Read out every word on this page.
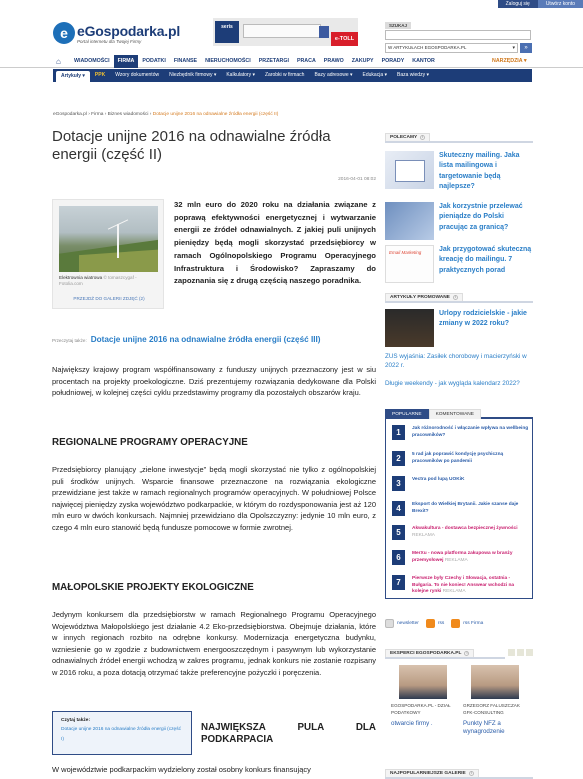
Zaloguj się	Utwórz konto
e eGospodarka.pl
Portal internetu dla Twojej Firmy
seris
e-TOLL
SZUKAJ
W ARTYKUŁACH EGOSPODARKA.PL	▾	»
⌂	WIADOMOŚCI	FIRMA	PODATKI	FINANSE	NIERUCHOMOŚCI	PRZETARGI	PRACA	PRAWO	ZAKUPY	PORADY	KANTOR	NARZĘDZIA ▾
Artykuły ▾	PPK	Wzory dokumentów	Niezbędnik firmowy ▾	Kalkulatory ▾	Zarobki w firmach	Bazy adresowe ▾	Edukacja ▾	Baza wiedzy ▾
eGospodarka.pl › Firma › Biznes wiadomości › Dotacje unijne 2016 na odnawialne źródła energii (część II)
Dotacje unijne 2016 na odnawialne źródła energii (część II)
2016-04-01 08:02
Elektrownia wiatrowa © tomaszcygaf - Fotolia.com
PRZEJDŹ DO GALERII ZDJĘĆ (2)
32 mln euro do 2020 roku na działania związane z poprawą efektywności energetycznej i wytwarzanie energii ze źródeł odnawialnych. Z jakiej puli unijnych pieniędzy będą mogli skorzystać przedsiębiorcy w ramach Ogólnopolskiego Programu Operacyjnego Infrastruktura i Środowisko? Zapraszamy do zapoznania się z drugą częścią naszego poradnika.
Przeczytaj także: Dotacje unijne 2016 na odnawialne źródła energii (część III)

Największy krajowy program współfinansowany z funduszy unijnych przeznaczony jest w siu procentach na projekty proekologiczne. Dziś prezentujemy rozwiązania dedykowane dla Polski południowej, w kolejnej części cyklu przedstawimy programy dla pozostałych obszarów kraju.

REGIONALNE PROGRAMY OPERACYJNE

Przedsiębiorcy planujący „zielone inwestycje” będą mogli skorzystać nie tylko z ogólnopolskiej puli środków unijnych. Wsparcie finansowe przeznaczone na rozwiązania ekologiczne przewidziane jest także w ramach regionalnych programów operacyjnych. W południowej Polsce najwięcej pieniędzy zyska województwo podkarpackie, w którym do rozdysponowania jest aż 120 mln euro w dwóch konkursach. Najmniej przewidziano dla Opolszczyzny: jedynie 10 mln euro, z czego 4 mln euro stanowić będą fundusze pomocowe w formie zwrotnej.

MAŁOPOLSKIE PROJEKTY EKOLOGICZNE

Jedynym konkursem dla przedsiębiorstw w ramach Regionalnego Programu Operacyjnego Województwa Małopolskiego jest działanie 4.2 Eko-przedsiębiorstwa. Obejmuje działania, które w innych regionach rozbito na odrębne konkursy. Modernizacja energetyczna budynku, wzniesienie go w zgodzie z budownictwem energooszczędnym i pasywnym lub wykorzystanie odnawialnych źródeł energii wchodzą w zakres programu, jednak konkurs nie zostanie rozpisany w 2016 roku, a poza dotacją otrzymać także preferencyjne pożyczki i poręczenia.

Czytaj także:
Dotacje unijne 2016 na odnawialne źródła energii (część I)
NAJWIĘKSZA PULA DLA PODKARPACIA

W województwie podkarpackim wydzielony został osobny konkurs finansujący

POLECAMY	i
Skuteczny mailing. Jaka lista mailingowa i targetowanie będą najlepsze?
Jak korzystnie przelewać pieniądze do Polski pracując za granicą?
Email Marketing
Jak przygotować skuteczną kreację do mailingu. 7 praktycznych porad
ARTYKUŁY PROMOWANE	i
Urlopy rodzicielskie - jakie zmiany w 2022 roku?
ZUS wyjaśnia: Zasiłek chorobowy i macierzyński w 2022 r.
Długie weekendy - jak wygląda kalendarz 2022?
POPULARNE	KOMENTOWANE
1	Jak różnorodność i włączanie wpływa na wellbeing pracowników?
2	5 rad jak poprawić kondycję psychiczną pracowników po pandemii
3	Vectra pod lupą UOKiK
4	Eksport do Wielkiej Brytanii. Jakie szanse daje Brexit?
5	Akwakultura - dostawca bezpiecznej żywności REKLAMA
6	MerXu - nowa platforma zakupowa w branży przemysłowej REKLAMA
7	Pierwsze były Czechy i Słowacja, ostatnia - Bułgaria. To nie koniec! Answear wchodzi na kolejne rynki REKLAMA
newsletter	rss	rss Firma
EKSPERCI EGOSPODARKA.PL	i
EGOSPODARKA.PL - DZIAŁ PODATKOWY
otwarcie firmy .
GRZEGORZ FALUSZCZAK GFK-CONSULTING
Punkty NFZ a wynagrodzenie
NAJPOPULARNIEJSZE GALERIE	i
